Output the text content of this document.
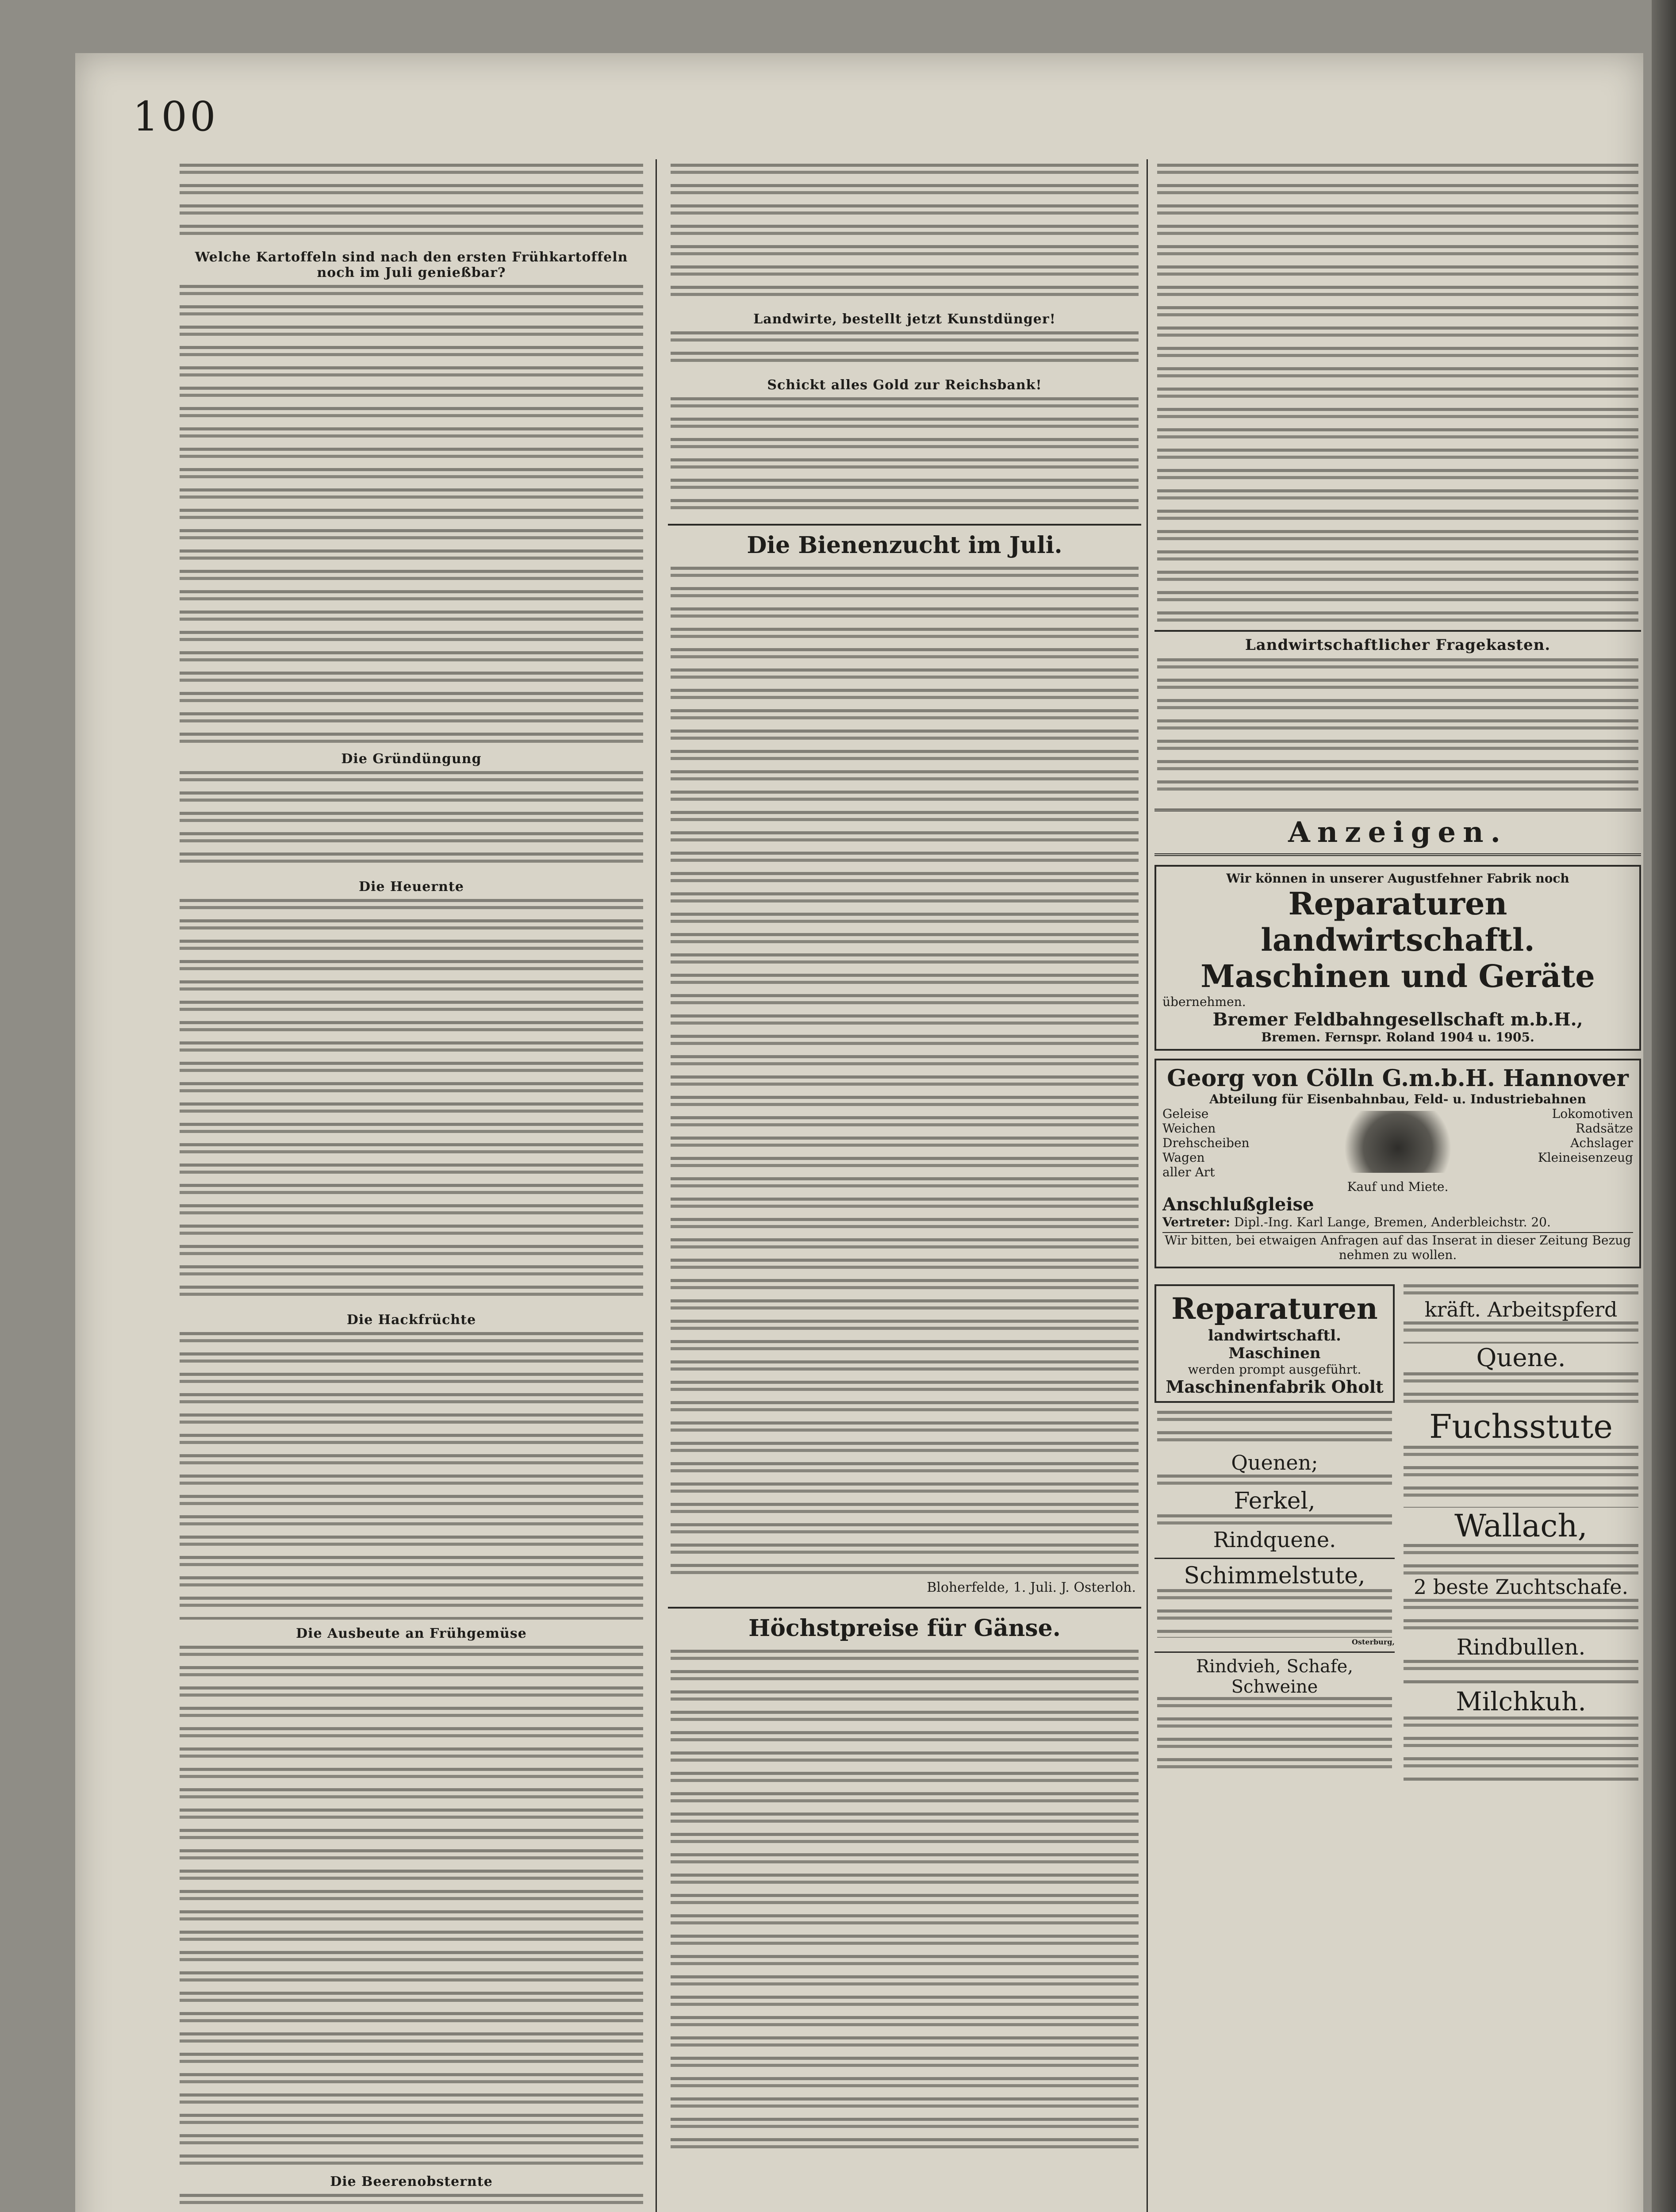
100
Welche Kartoffeln sind nach den ersten Frühkartoffeln noch im Juli genießbar?
Die Gründüngung
Die Heuernte
Die Hackfrüchte
Die Ausbeute an Frühgemüse
Die Beerenobsternte
Landwirte, bestellt jetzt Kunstdünger!
Schickt alles Gold zur Reichsbank!
Die Bienenzucht im Juli.
Bloherfelde, 1. Juli. J. Osterloh.
Höchstpreise für Gänse.
Landwirtschaftlicher Fragekasten.
Anzeigen.
Wir können in unserer Augustfehner Fabrik noch
Reparaturen landwirtschaftl. Maschinen und Geräte
übernehmen.
Bremer Feldbahngesellschaft m.b.H.,
Bremen. Fernspr. Roland 1904 u. 1905.
Georg von Cölln G.m.b.H. Hannover
Abteilung für Eisenbahnbau, Feld- u. Industriebahnen
Geleise
Weichen
Drehscheiben
Wagen
aller Art
Lokomotiven
Radsätze
Achslager
Kleineisenzeug
Kauf und Miete.
Anschlußgleise
Vertreter: Dipl.-Ing. Karl Lange, Bremen, Anderbleichstr. 20.
Wir bitten, bei etwaigen Anfragen auf das Inserat in dieser Zeitung Bezug nehmen zu wollen.
Reparaturen
landwirtschaftl. Maschinen
werden prompt ausgeführt.
Maschinenfabrik Oholt
Quenen;
Ferkel,
Rindquene.
Schimmelstute,
Osterburg,
Rindvieh, Schafe, Schweine
kräft. Arbeitspferd
Quene.
Fuchsstute
Wallach,
2 beste Zuchtschafe.
Rindbullen.
Milchkuh.
